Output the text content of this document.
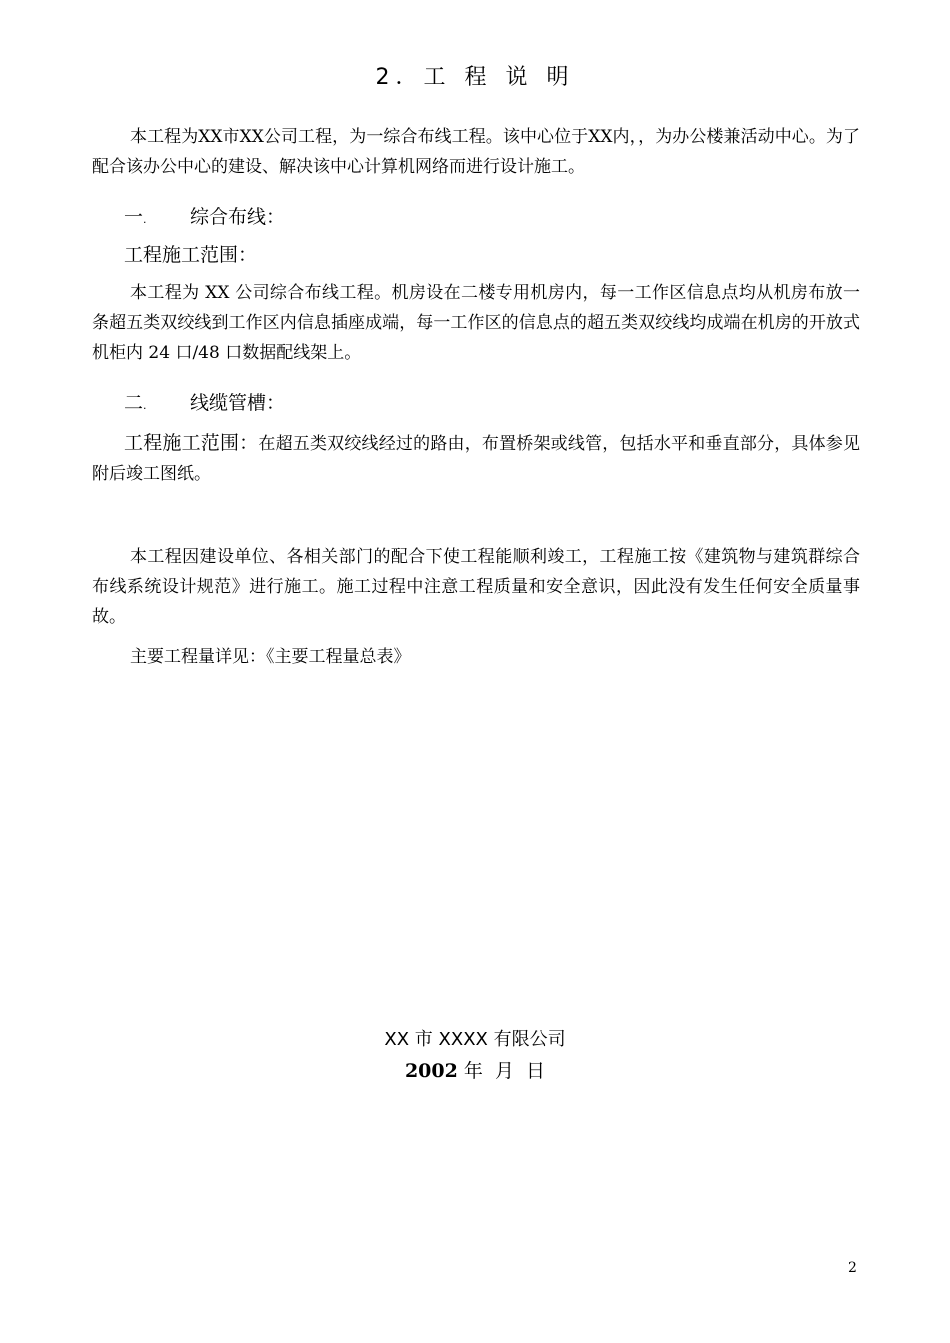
2．工 程 说 明
本工程为XX市XX公司工程，为一综合布线工程。该中心位于XX内，，为办公楼兼活动中心。为了配合该办公中心的建设、解决该中心计算机网络而进行设计施工。
一. 综合布线：
工程施工范围：
本工程为 XX 公司综合布线工程。机房设在二楼专用机房内，每一工作区信息点均从机房布放一条超五类双绞线到工作区内信息插座成端，每一工作区的信息点的超五类双绞线均成端在机房的开放式机柜内 24 口/48 口数据配线架上。
二. 线缆管槽：
工程施工范围：在超五类双绞线经过的路由，布置桥架或线管，包括水平和垂直部分，具体参见附后竣工图纸。
本工程因建设单位、各相关部门的配合下使工程能顺利竣工，工程施工按《建筑物与建筑群综合布线系统设计规范》进行施工。施工过程中注意工程质量和安全意识，因此没有发生任何安全质量事故。
主要工程量详见：《主要工程量总表》
XX 市 XXXX 有限公司
2002 年  月  日
2
